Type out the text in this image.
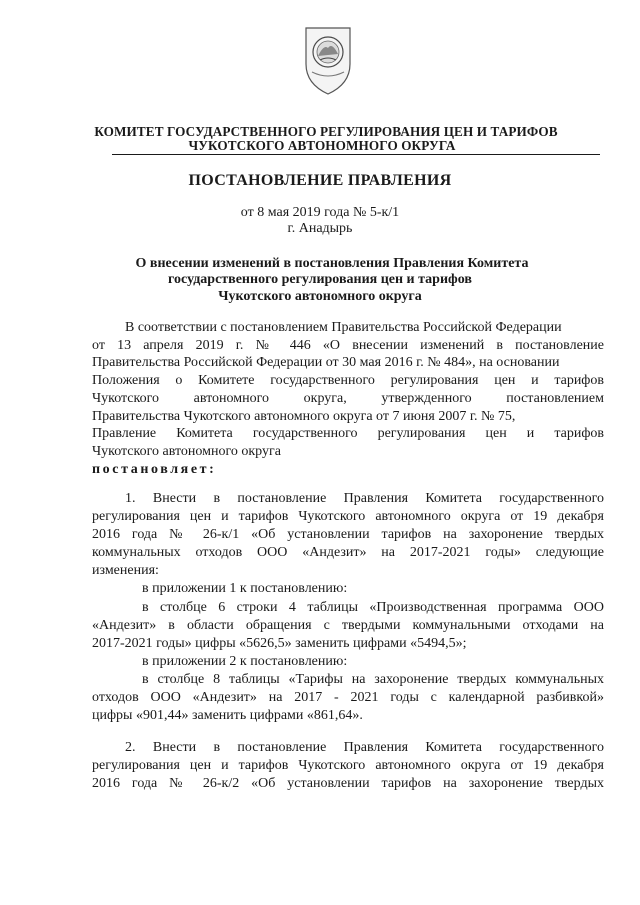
КОМИТЕТ ГОСУДАРСТВЕННОГО РЕГУЛИРОВАНИЯ ЦЕН И ТАРИФОВ
ЧУКОТСКОГО АВТОНОМНОГО ОКРУГА
ПОСТАНОВЛЕНИЕ ПРАВЛЕНИЯ
от 8 мая 2019 года № 5-к/1
г. Анадырь
О внесении изменений в постановления Правления Комитета
государственного регулирования цен и тарифов
Чукотского автономного округа
В соответствии с постановлением Правительства Российской Федерации
от 13 апреля 2019 г. № 446 «О внесении изменений в постановление
Правительства Российской Федерации от 30 мая 2016 г. № 484», на основании
Положения о Комитете государственного регулирования цен и тарифов
Чукотского автономного округа, утвержденного постановлением
Правительства Чукотского автономного округа от 7 июня 2007 г. № 75,
Правление Комитета государственного регулирования цен и тарифов
Чукотского автономного округа
постановляет:
1. Внести в постановление Правления Комитета государственного
регулирования цен и тарифов Чукотского автономного округа от 19 декабря
2016 года № 26-к/1 «Об установлении тарифов на захоронение твердых
коммунальных отходов ООО «Андезит» на 2017-2021 годы» следующие
изменения:
в приложении 1 к постановлению:
в столбце 6 строки 4 таблицы «Производственная программа ООО
«Андезит» в области обращения с твердыми коммунальными отходами на
2017-2021 годы» цифры «5626,5» заменить цифрами «5494,5»;
в приложении 2 к постановлению:
в столбце 8 таблицы «Тарифы на захоронение твердых коммунальных
отходов ООО «Андезит» на 2017 - 2021 годы с календарной разбивкой»
цифры «901,44» заменить цифрами «861,64».
2. Внести в постановление Правления Комитета государственного
регулирования цен и тарифов Чукотского автономного округа от 19 декабря
2016 года № 26-к/2 «Об установлении тарифов на захоронение твердых
